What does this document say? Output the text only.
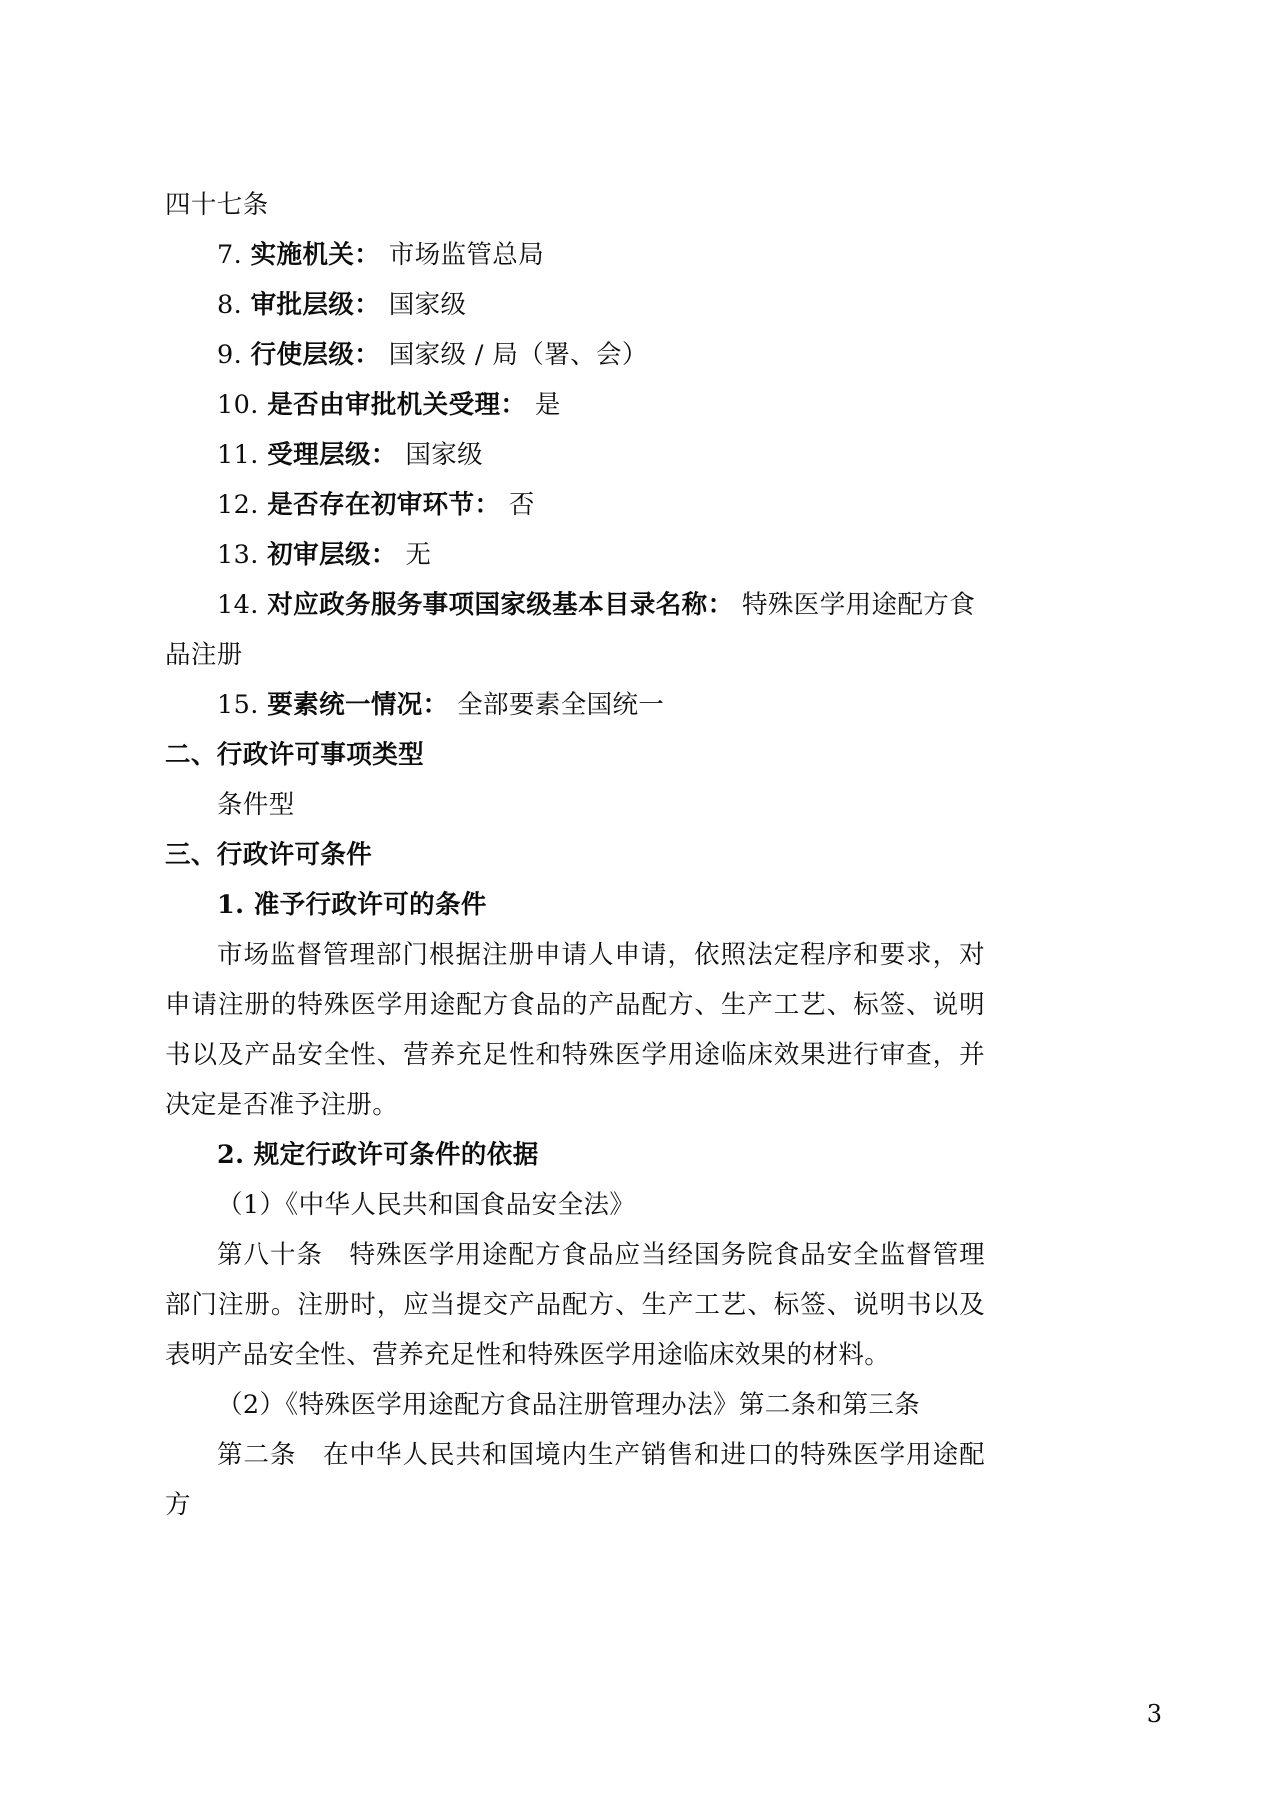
四十七条
7. 实施机关： 市场监管总局
8. 审批层级： 国家级
9. 行使层级： 国家级 / 局（署、会）
10. 是否由审批机关受理： 是
11. 受理层级： 国家级
12. 是否存在初审环节： 否
13. 初审层级： 无
14. 对应政务服务事项国家级基本目录名称： 特殊医学用途配方食品注册
15. 要素统一情况： 全部要素全国统一
二、行政许可事项类型
条件型
三、行政许可条件
1. 准予行政许可的条件
市场监督管理部门根据注册申请人申请，依照法定程序和要求，对申请注册的特殊医学用途配方食品的产品配方、生产工艺、标签、说明书以及产品安全性、营养充足性和特殊医学用途临床效果进行审查，并决定是否准予注册。
2. 规定行政许可条件的依据
（1）《中华人民共和国食品安全法》
第八十条　特殊医学用途配方食品应当经国务院食品安全监督管理部门注册。注册时，应当提交产品配方、生产工艺、标签、说明书以及表明产品安全性、营养充足性和特殊医学用途临床效果的材料。
（2）《特殊医学用途配方食品注册管理办法》第二条和第三条
第二条　在中华人民共和国境内生产销售和进口的特殊医学用途配方
3
